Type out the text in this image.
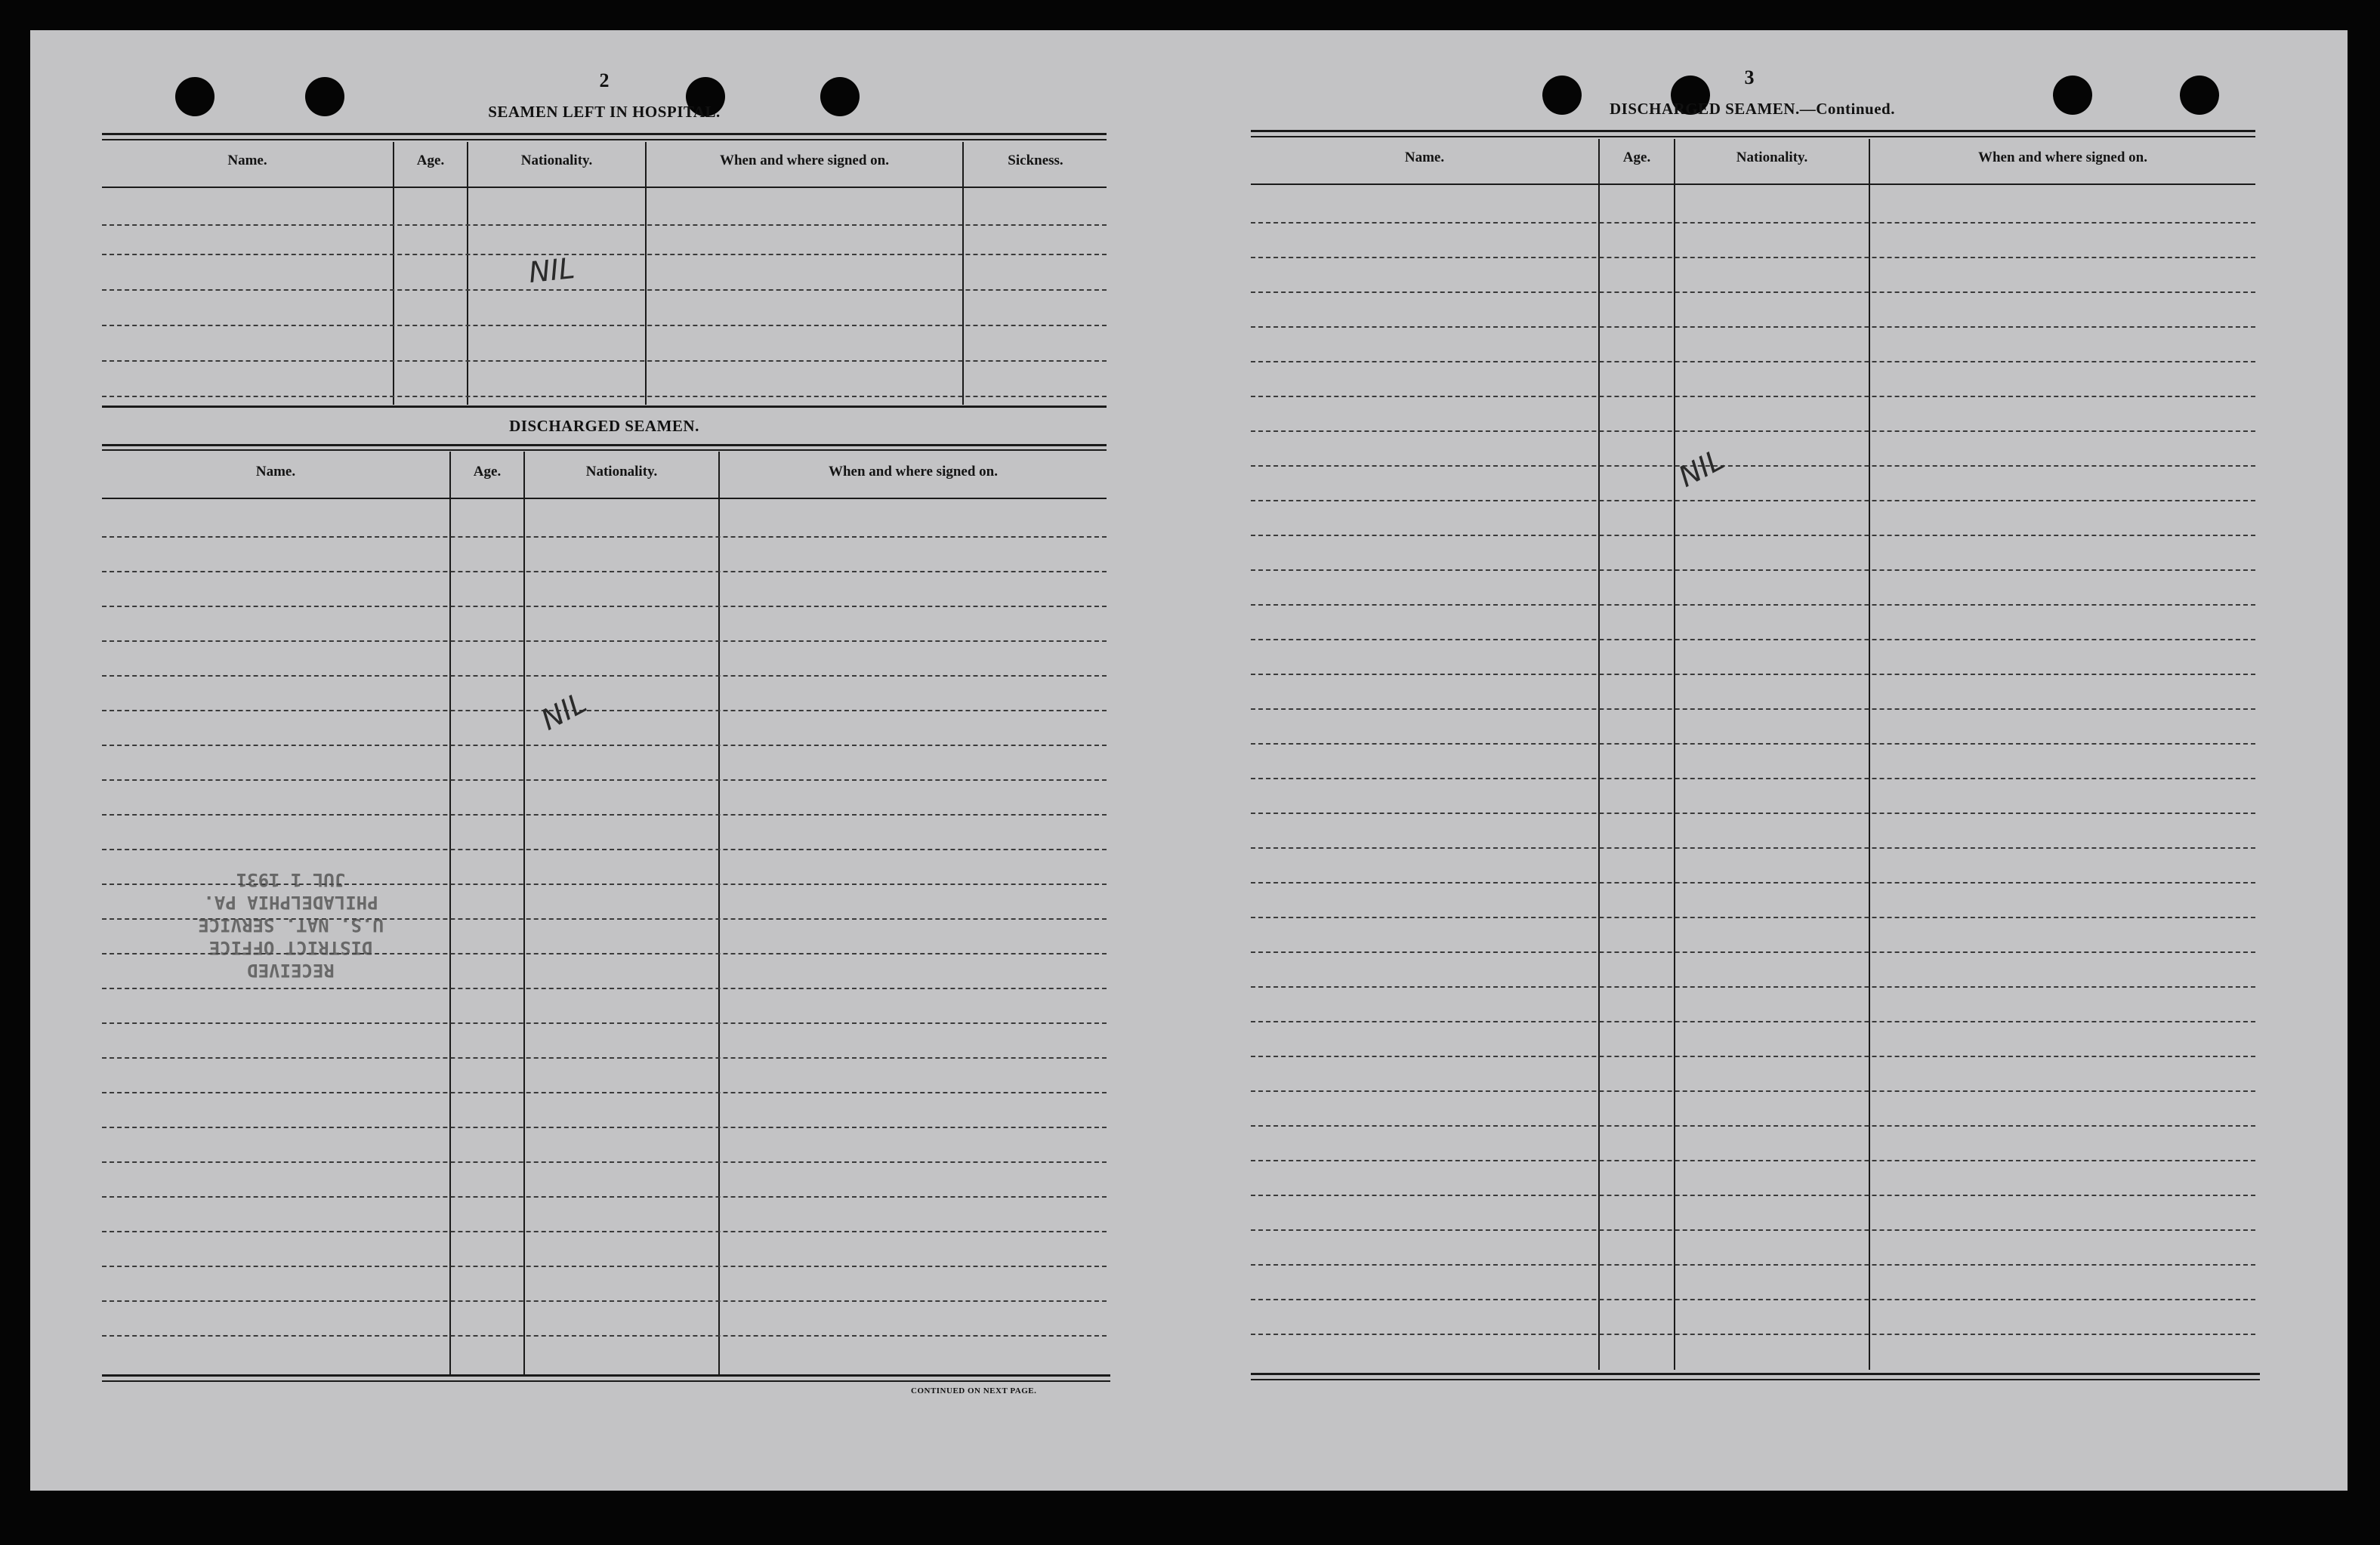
2
SEAMEN LEFT IN HOSPITAL.
Name.	Age.	Nationality.	When and where signed on.	Sickness.
NIL
DISCHARGED SEAMEN.
Name.	Age.	Nationality.	When and where signed on.
NIL
RECEIVED
DISTRICT OFFICE
U.S. NAT. SERVICE
PHILADELPHIA PA.
JUL 1 1931
CONTINUED ON NEXT PAGE.
3
DISCHARGED SEAMEN.—Continued.
Name.	Age.	Nationality.	When and where signed on.
NIL
